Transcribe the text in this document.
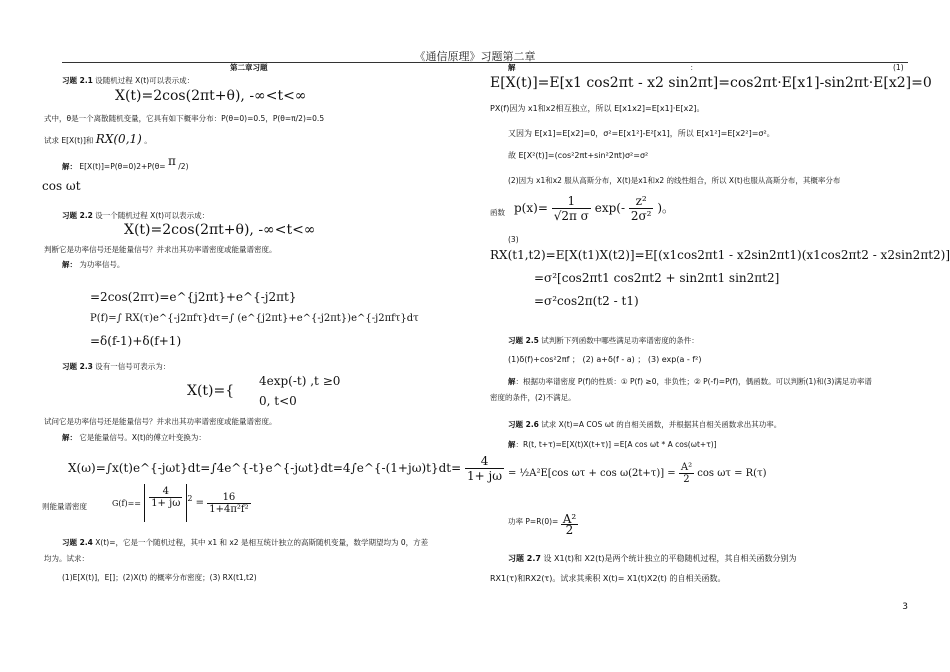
《通信原理》习题第二章
第二章习题
习题 2.1 设随机过程 X(t)可以表示成：
X(t)=2cos(2πt+θ), -∞<t<∞
式中，θ是一个离散随机变量，它具有如下概率分布：P(θ=0)=0.5，P(θ=π/2)=0.5
试求 E[X(t)]和 RX(0,1) 。
解： E[X(t)]=P(θ=0)2+P(θ= π /2)
cos ωt
习题 2.2 设一个随机过程 X(t)可以表示成：
X(t)=2cos(2πt+θ), -∞<t<∞
判断它是功率信号还是能量信号？并求出其功率谱密度或能量谱密度。
解： 为功率信号。
=2cos(2πτ)=e^{j2πt}+e^{-j2πt}
P(f)=∫ RX(τ)e^{-j2πfτ}dτ=∫ (e^{j2πt}+e^{-j2πt})e^{-j2πfτ}dτ
=δ(f-1)+δ(f+1)
习题 2.3 设有一信号可表示为：
X(t)={
4exp(-t) ,t ≥0
0, t<0
试问它是功率信号还是能量信号？并求出其功率谱密度或能量谱密度。
解： 它是能量信号。X(t)的傅立叶变换为：
X(ω)=∫x(t)e^{-jωt}dt=∫4e^{-t}e^{-jωt}dt=4∫e^{-(1+jω)t}dt= $\frac{4}{1+ j\omega}$
则能量谱密度	$G(f)== \frac{4}{1+ j\omega} ^2 = \frac{16}{\text{1+4π²f²}}$
习题 2.4 X(t)=，它是一个随机过程，其中 x1 和 x2 是相互统计独立的高斯随机变量，数学期望均为 0，方差
均为。试求：
(1)E[X(t)]，E[]；(2)X(t) 的概率分布密度；(3) RX(t1,t2)
解	：	(1)
E[X(t)]=E[x1 cos2πt - x2 sin2πt]=cos2πt·E[x1]-sin2πt·E[x2]=0
PX(f)因为 x1和x2相互独立，所以 E[x1x2]=E[x1]·E[x2]。
又因为 E[x1]=E[x2]=0，σ²=E[x1²]-E²[x1]，所以 E[x1²]=E[x2²]=σ²。
故 E[X²(t)]=(cos²2πt+sin²2πt)σ²=σ²
(2)因为 x1和x2 服从高斯分布，X(t)是x1和x2 的线性组合，所以 X(t)也服从高斯分布，其概率分布
函数 $p(x)= \frac{1}{\text{√2π σ}} \exp(- \frac{\text{z²}}{\text{2σ²}}$ )。
(3)
RX(t1,t2)=E[X(t1)X(t2)]=E[(x1cos2πt1 - x2sin2πt1)(x1cos2πt2 - x2sin2πt2)]
=σ²[cos2πt1 cos2πt2 + sin2πt1 sin2πt2]
=σ²cos2π(t2 - t1)
习题 2.5 试判断下列函数中哪些满足功率谱密度的条件：
(1)δ(f)+cos²2πf ； (2) a+δ(f - a) ； (3) exp(a - f²)
解：根据功率谱密度 P(f)的性质：① P(f) ≥0，非负性；② P(-f)=P(f)，偶函数。可以判断(1)和(3)满足功率谱
密度的条件，(2)不满足。
习题 2.6 试求 X(t)=A COS ωt 的自相关函数，并根据其自相关函数求出其功率。
解：R(t, t+τ)=E[X(t)X(t+τ)] =E[A cos ωt * A cos(ωt+τ)]
= ½A²E[cos $\omega\tau + \cos \omega(2t+\tau)] = \frac{\text{A²}}{2}$ cos ωτ = R(τ)
功率 $P=R(0)= \frac{\text{A²}}{2}$
习题 2.7 设 X1(t)和 X2(t)是两个统计独立的平稳随机过程，其自相关函数分别为
RX1(τ)和RX2(τ)。试求其乘积 X(t)= X1(t)X2(t) 的自相关函数。
3
